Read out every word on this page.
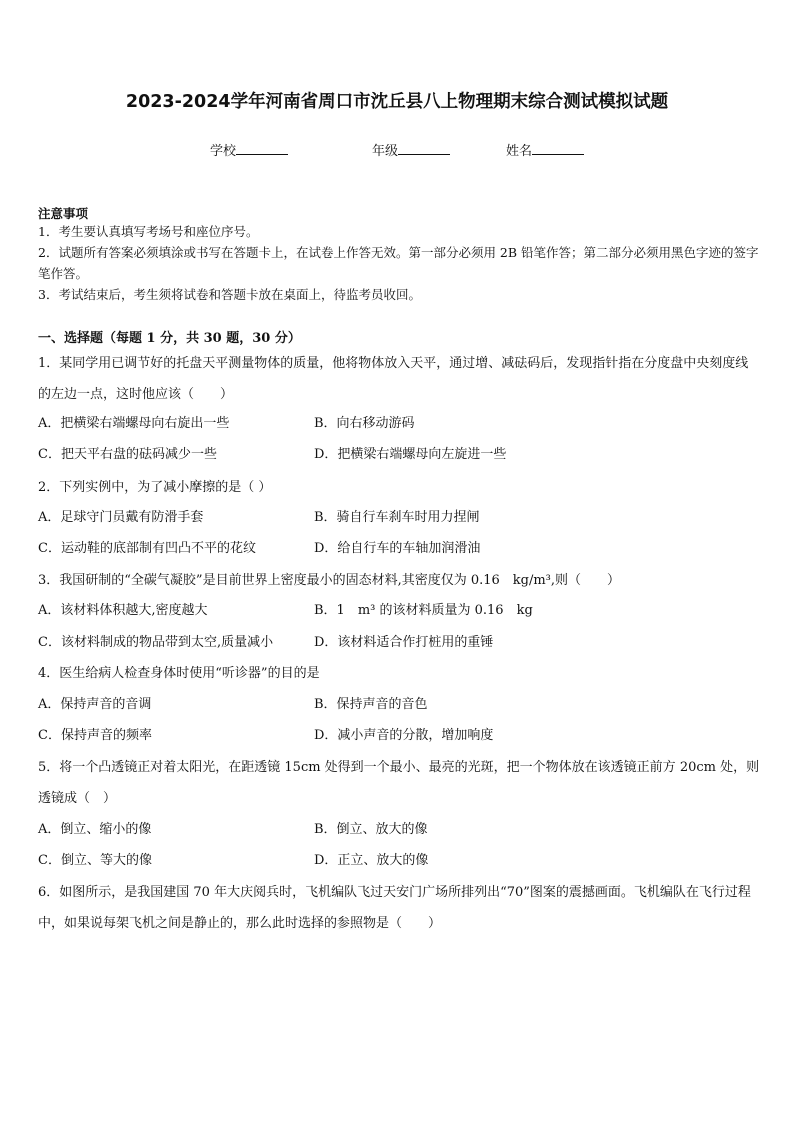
2023-2024学年河南省周口市沈丘县八上物理期末综合测试模拟试题
学校	年级	姓名
注意事项
1．考生要认真填写考场号和座位序号。
2．试题所有答案必须填涂或书写在答题卡上，在试卷上作答无效。第一部分必须用 2B 铅笔作答；第二部分必须用黑色字迹的签字笔作答。
3．考试结束后，考生须将试卷和答题卡放在桌面上，待监考员收回。
一、选择题（每题 1 分，共 30 题，30 分）
1．某同学用已调节好的托盘天平测量物体的质量，他将物体放入天平，通过增、减砝码后，发现指针指在分度盘中央刻度线的左边一点，这时他应该（　　）
A．把横梁右端螺母向右旋出一些	B．向右移动游码
C．把天平右盘的砝码减少一些	D．把横梁右端螺母向左旋进一些
2．下列实例中，为了减小摩擦的是（ ）
A．足球守门员戴有防滑手套	B．骑自行车刹车时用力捏闸
C．运动鞋的底部制有凹凸不平的花纹	D．给自行车的车轴加润滑油
3．我国研制的“全碳气凝胶”是目前世界上密度最小的固态材料,其密度仅为 0.16　kg/m³,则（　　）
A．该材料体积越大,密度越大	B．1　m³ 的该材料质量为 0.16　kg
C．该材料制成的物品带到太空,质量减小	D．该材料适合作打桩用的重锤
4．医生给病人检查身体时使用“听诊器”的目的是
A．保持声音的音调	B．保持声音的音色
C．保持声音的频率	D．减小声音的分散，增加响度
5．将一个凸透镜正对着太阳光，在距透镜 15cm 处得到一个最小、最亮的光斑，把一个物体放在该透镜正前方 20cm 处，则透镜成（　）
A．倒立、缩小的像	B．倒立、放大的像
C．倒立、等大的像	D．正立、放大的像
6．如图所示，是我国建国 70 年大庆阅兵时，飞机编队飞过天安门广场所排列出“70”图案的震撼画面。飞机编队在飞行过程中，如果说每架飞机之间是静止的，那么此时选择的参照物是（　　）
